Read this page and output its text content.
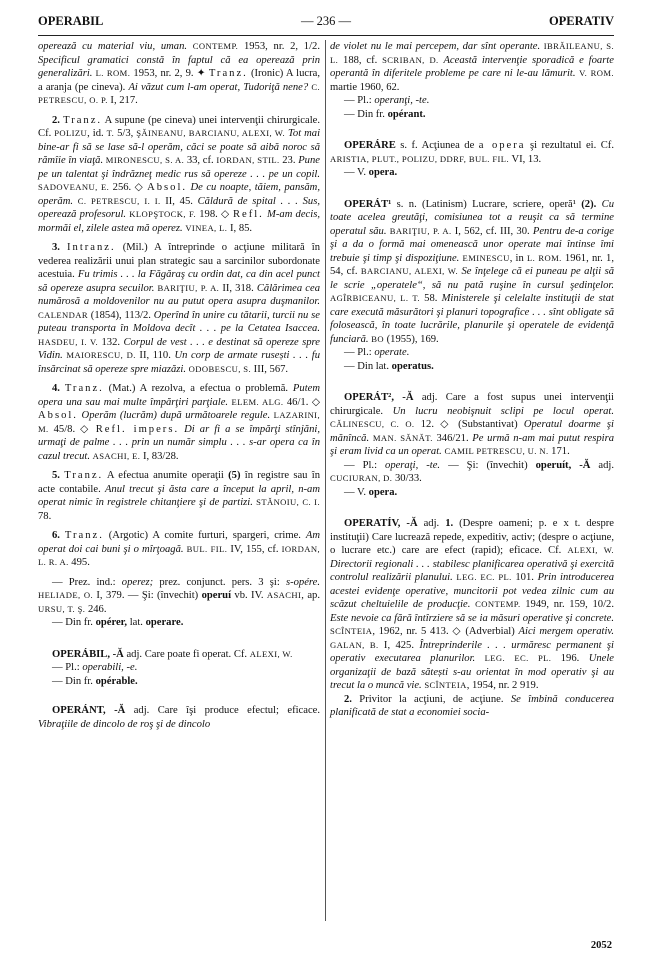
OPERABIL	— 236 —	OPERATIV

operează cu material viu, uman. CONTEMP. 1953, nr. 2, 1/2. Specificul gramatici constă în faptul că ea operează prin generalizări. L. ROM. 1953, nr. 2, 9. ✦ Tranz. (Ironic) A lucra, a aranja (pe cineva). Ai văzut cum l-am operat, Tudoriţă nene? C. PETRESCU, O. P. I, 217.

2. Tranz. A supune (pe cineva) unei intervenţii chirurgicale. Cf. POLIZU, id. T. 5/3, ŞĂINEANU, BARCIANU, ALEXI, W. Tot mai bine-ar fi să se lase să-l operăm, căci se poate să aibă noroc să rămîie în viaţă. MIRONESCU, S. A. 33, cf. IORDAN, STIL. 23. Pune pe un talentat şi îndrăzneţ medic rus să opereze . . . pe un copil. SADOVEANU, E. 256. ◇ Absol. De cu noapte, tăiem, pansăm, operăm. C. PETRESCU, I. I. II, 45. Căldură de spital . . . Sus, operează profesorul. KLOPŞTOCK, F. 198. ◇ Refl. M-am decis, mormăi el, zilele astea mă operez. VINEA, L. I, 85.

3. Intranz. (Mil.) A întreprinde o acţiune militară în vederea realizării unui plan strategic sau a sarcinilor subordonate acestuia. Fu trimis . . . la Făgăraş cu ordin dat, ca din acel punct să opereze asupra secuilor. BARIŢIU, P. A. II, 318. Călărimea cea numărosă a moldovenilor nu au putut opera asupra duşmanilor. CALENDAR (1854), 113/2. Operînd în unire cu tătarii, turcii nu se puteau transporta în Moldova decît . . . pe la Cetatea Isaccea. HASDEU, I. V. 132. Corpul de vest . . . e destinat să opereze spre Vidin. MAIORESCU, D. II, 110. Un corp de armate rusești . . . fu însărcinat să opereze spre miazăzi. ODOBESCU, S. III, 567.

4. Tranz. (Mat.) A rezolva, a efectua o problemă. Putem opera una sau mai multe împărţiri parţiale. ELEM. ALG. 46/1. ◇ Absol. Operăm (lucrăm) după următoarele regule. LAZARINI, M. 45/8. ◇ Refl. impers. Di ar fi a se împărţi stînjăni, urmaţi de palme . . . prin un număr simplu . . . s-ar opera ca în cazul trecut. ASACHI, E. I, 83/28.

5. Tranz. A efectua anumite operaţii (5) în registre sau în acte contabile. Anul trecut şi ăsta care a început la april, n-am operat nimic în registrele chitanţiere şi de partizi. STĂNOIU, C. I. 78.

6. Tranz. (Argotic) A comite furturi, spargeri, crime. Am operat doi cai buni şi o mîrţoagă. BUL. FIL. IV, 155, cf. IORDAN, L. R. A. 495.

— Prez. ind.: operez; prez. conjunct. pers. 3 şi: s-opére. HELIADE, O. I, 379. — Şi: (învechit) operuí vb. IV. ASACHI, ap. URSU, T. Ş. 246.

— Din fr. opérer, lat. operare.

OPERÁBIL, -Ă adj. Care poate fi operat. Cf. ALEXI, W.

— Pl.: operabili, -e.

— Din fr. opérable.

OPERÁNT, -Ă adj. Care îşi produce efectul; eficace. Vibraţiile de dincolo de roş şi de dincolo

de violet nu le mai percepem, dar sînt operante. IBRĂILEANU, S. L. 188, cf. SCRIBAN, D. Această intervenţie sporadică e foarte operantă în diferitele probleme pe care ni le-au lămurit. V. ROM. martie 1960, 62.

— Pl.: operanţi, -te.

— Din fr. opérant.

OPERÁRE s. f. Acţiunea de a opera şi rezultatul ei. Cf. ARISTIA, PLUT., POLIZU, DDRF, BUL. FIL. VI, 13.

— V. opera.

OPERÁT¹ s. n. (Latinism) Lucrare, scriere, operă¹ (2). Cu toate acelea greutăţi, comisiunea tot a reuşit ca să termine operatul său. BARIŢIU, P. A. I, 562, cf. III, 30. Pentru de-a corige şi a da o formă mai omenească unor operate mai întinse îmi trebuie şi timp şi dispoziţiune. EMINESCU, in L. ROM. 1961, nr. 1, 54, cf. BARCIANU, ALEXI, W. Se înţelege că ei puneau pe alţii să le scrie „operatele“, să nu pată ruşine în cursul şedinţelor. AGÎRBICEANU, L. T. 58. Ministerele şi celelalte instituţii de stat care execută măsurători şi planuri topografice . . . sînt obligate să folosească, în toate lucrările, planurile şi operatele de evidenţă funciară. BO (1955), 169.

— Pl.: operate.

— Din lat. operatus.

OPERÁT², -Ă adj. Care a fost supus unei intervenţii chirurgicale. Un lucru neobişnuit sclipi pe locul operat. CĂLINESCU, C. O. 12. ◇ (Substantivat) Operatul doarme şi mănîncă. MAN. SĂNĂT. 346/21. Pe urmă n-am mai putut respira şi eram livid ca un operat. CAMIL PETRESCU, U. N. 171.

— Pl.: operaţi, -te. — Şi: (învechit) operuít, -Ă adj. CUCIURAN, D. 30/33.

— V. opera.

OPERATÍV, -Ă adj. 1. (Despre oameni; p. e x t. despre instituţii) Care lucrează repede, expeditiv, activ; (despre o acţiune, o lucrare etc.) care are efect (rapid); eficace. Cf. ALEXI, W. Directorii regionali . . . stabilesc planificarea operativă şi exercită controlul realizării planului. LEG. EC. PL. 101. Prin introducerea acestei evidenţe operative, muncitorii pot vedea zilnic cum au scăzut cheltuielile de producţie. CONTEMP. 1949, nr. 159, 10/2. Este nevoie ca fără întîrziere să se ia măsuri operative şi concrete. SCÎNTEIA, 1962, nr. 5 413. ◇ (Adverbial) Aici mergem operativ. GALAN, B. I, 425. Întreprinderile . . . urmăresc permanent şi operativ executarea planurilor. LEG. EC. PL. 196. Unele organizaţii de bază sătești s-au orientat în mod operativ şi au trecut la o muncă vie. SCÎNTEIA, 1954, nr. 2 919.

2. Privitor la acţiuni, de acţiune. Se îmbină conducerea planificată de stat a economiei socia-

2052
